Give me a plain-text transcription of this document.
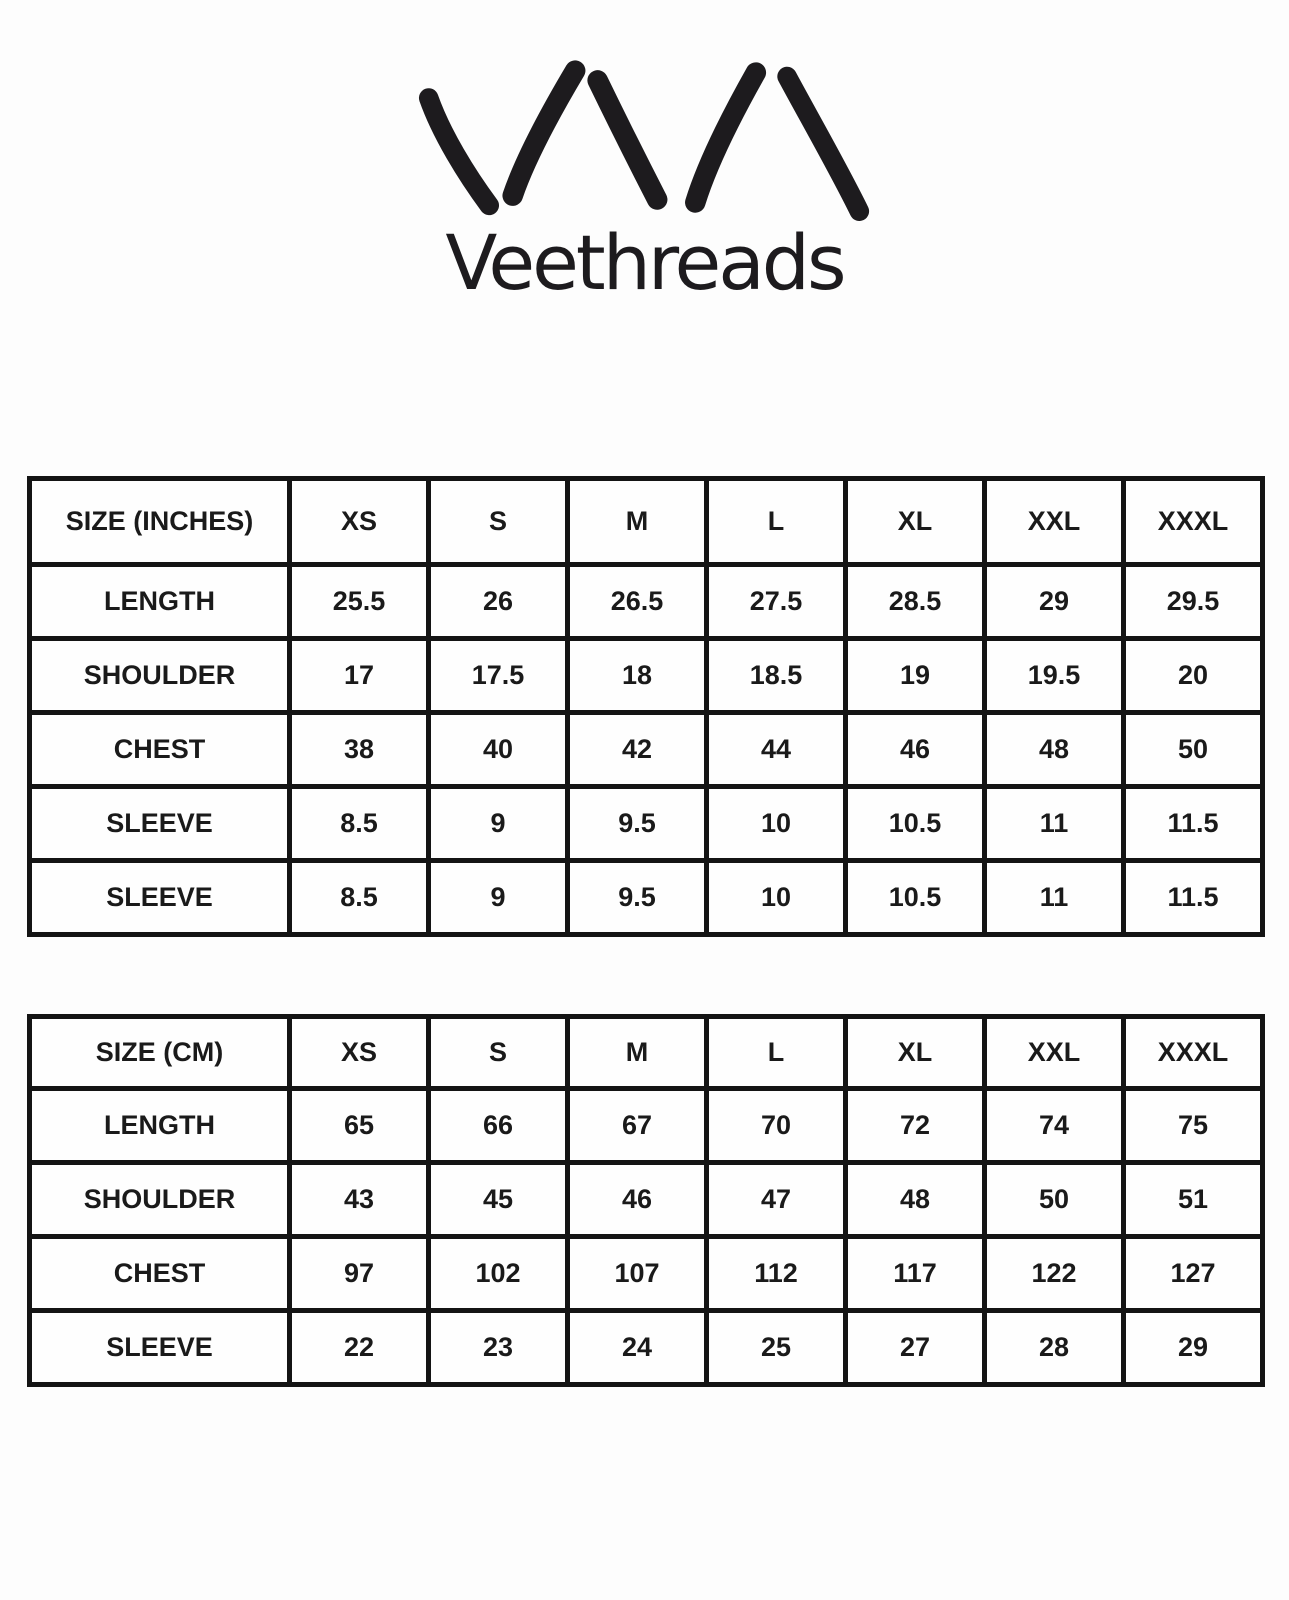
Veethreads
SIZE (INCHES)	XS	S	M	L	XL	XXL	XXXL
LENGTH	25.5	26	26.5	27.5	28.5	29	29.5
SHOULDER	17	17.5	18	18.5	19	19.5	20
CHEST	38	40	42	44	46	48	50
SLEEVE	8.5	9	9.5	10	10.5	11	11.5
SLEEVE	8.5	9	9.5	10	10.5	11	11.5
SIZE (CM)	XS	S	M	L	XL	XXL	XXXL
LENGTH	65	66	67	70	72	74	75
SHOULDER	43	45	46	47	48	50	51
CHEST	97	102	107	112	117	122	127
SLEEVE	22	23	24	25	27	28	29
